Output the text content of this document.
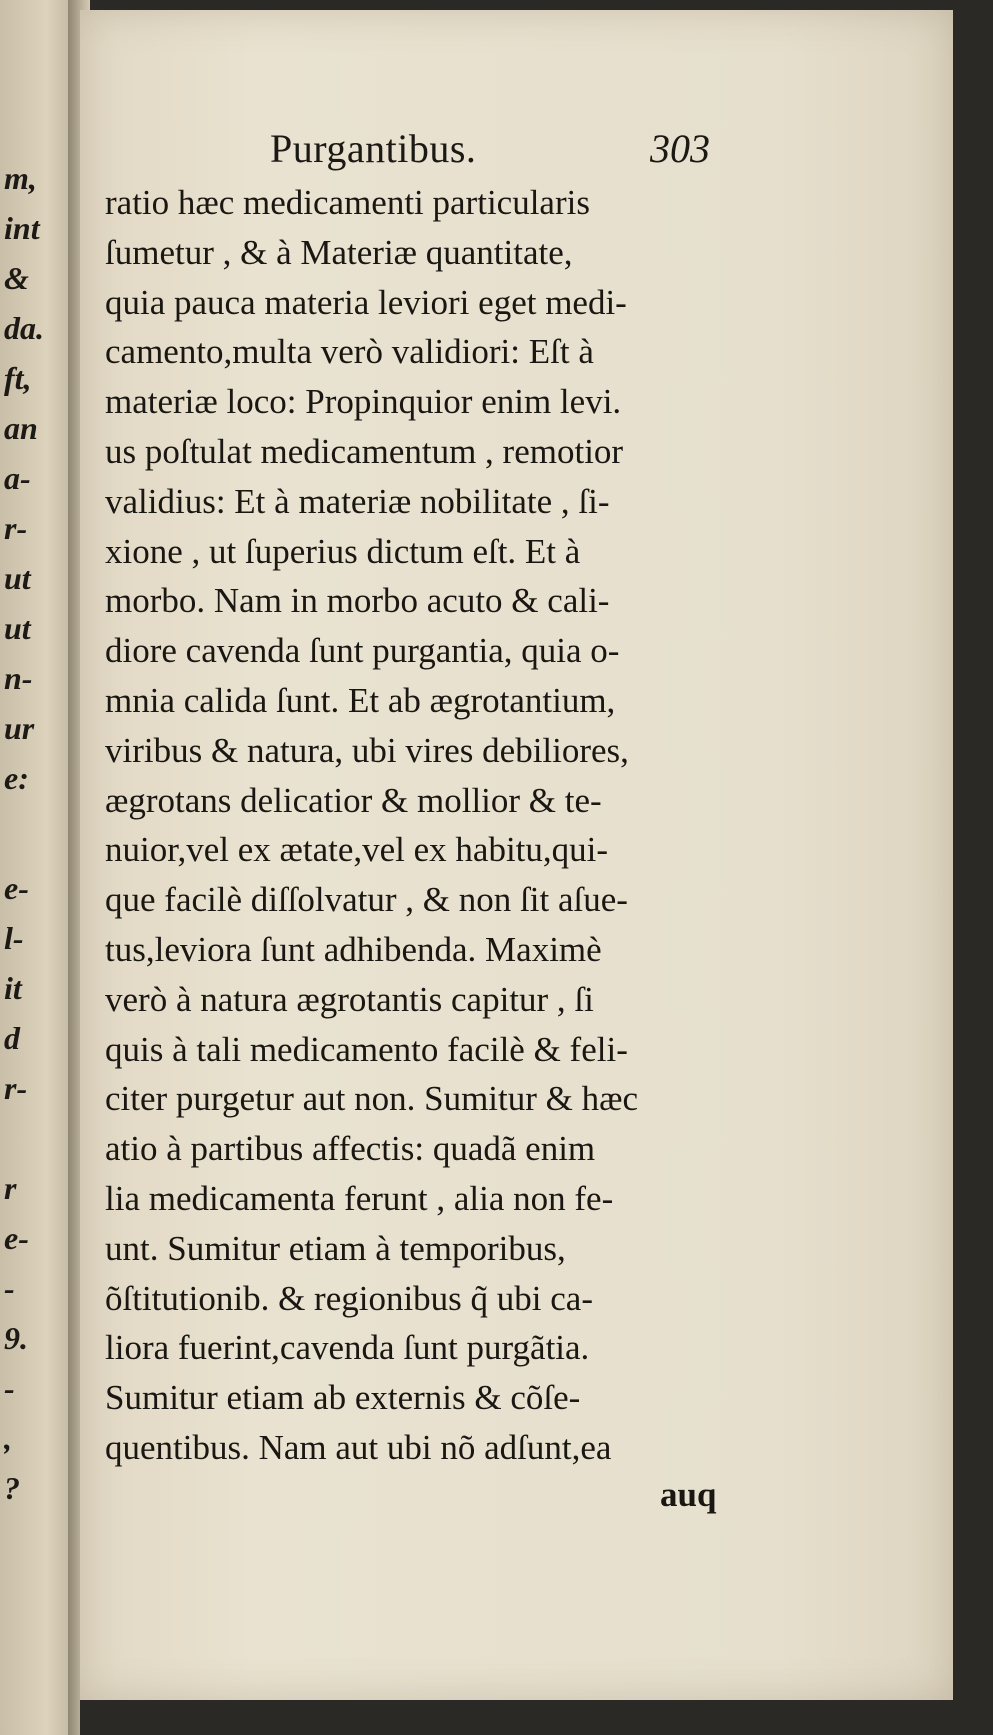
m,
int
&
da.
ft,
an
a-
r-
ut
ut
n-
ur
e:
e-
l-
it
d
r-
r
e-
-
9.
-
,
?
Purgantibus.	303
ratio hæc medicamenti particularis
ſumetur , & à Materiæ quantitate,
quia pauca materia leviori eget medi-
camento,multa verò validiori: Eſt à
materiæ loco: Propinquior enim levi.
us poſtulat medicamentum , remotior
validius: Et à materiæ nobilitate , ſi-
xione , ut ſuperius dictum eſt. Et à
morbo. Nam in morbo acuto & cali-
diore cavenda ſunt purgantia, quia o-
mnia calida ſunt. Et ab ægrotantium,
viribus & natura, ubi vires debiliores,
ægrotans delicatior & mollior & te-
nuior,vel ex ætate,vel ex habitu,qui-
que facilè diſſolvatur , & non ſit aſue-
tus,leviora ſunt adhibenda. Maximè
verò à natura ægrotantis capitur , ſi
quis à tali medicamento facilè & feli-
citer purgetur aut non. Sumitur & hæc
atio à partibus affectis: quadã enim
lia medicamenta ferunt , alia non fe-
unt. Sumitur etiam à temporibus,
õſtitutionib. & regionibus q̃ ubi ca-
liora fuerint,cavenda ſunt purgãtia.
Sumitur etiam ab externis & cõſe-
quentibus. Nam aut ubi nõ adſunt,ea
auq
